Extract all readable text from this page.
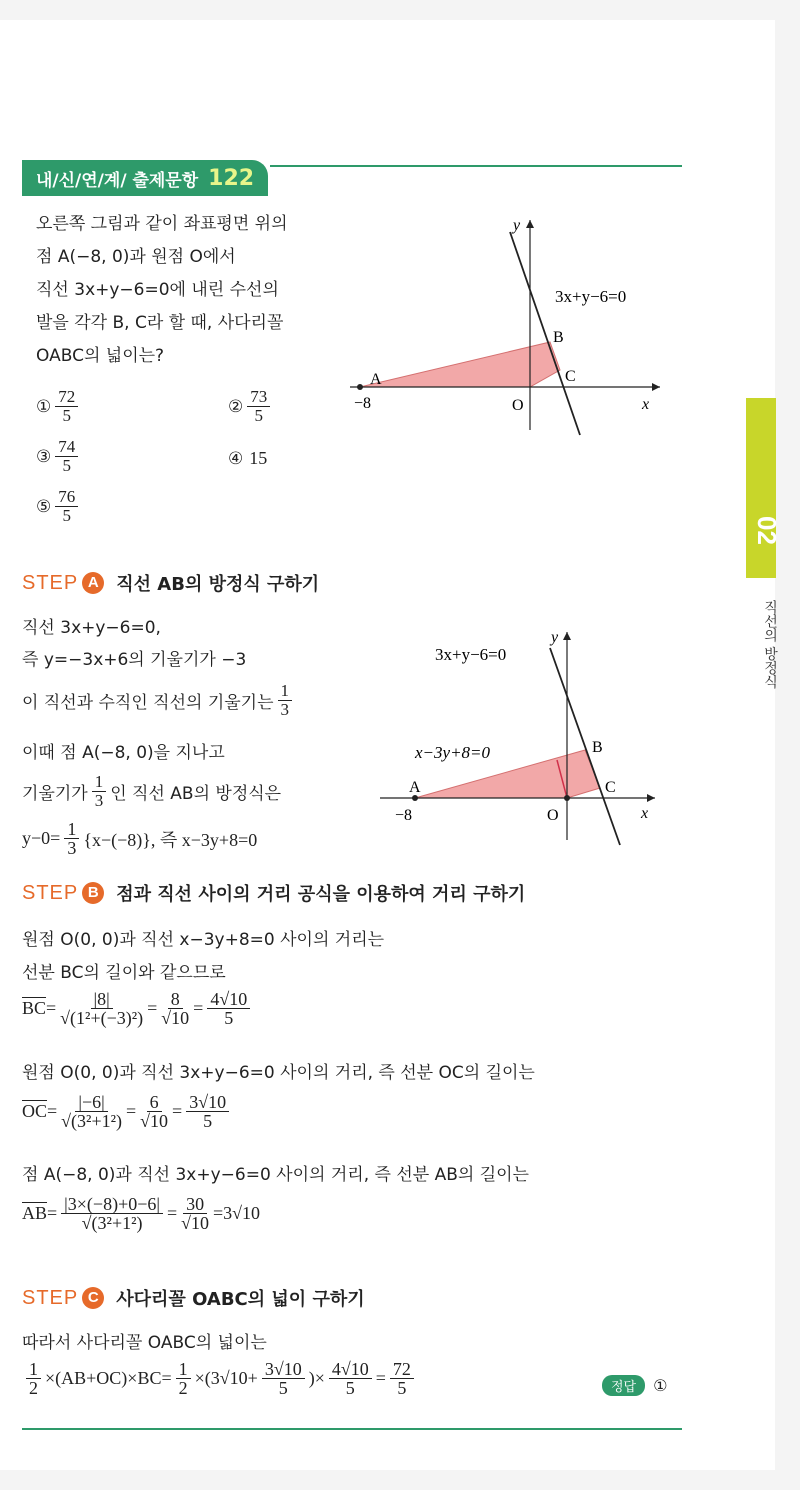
02
직선의 방정식
내/신/연/계/ 출제문항 122
오른쪽 그림과 같이 좌표평면 위의
점 A(−8, 0)과 원점 O에서
직선 3x+y−6=0에 내린 수선의
발을 각각 B, C라 할 때, 사다리꼴
OABC의 넓이는?
① $\frac{72}{5}$	② $\frac{73}{5}$
③ $\frac{74}{5}$	④ 15
⑤ $\frac{76}{5}$
3x+y−6=0
y
x
A
−8
B
C
O
STEP A 직선 AB의 방정식 구하기
직선 3x+y−6=0,
즉 y=−3x+6의 기울기가 −3
이 직선과 수직인 직선의 기울기는 $\frac{1}{3}$
이때 점 A(−8, 0)을 지나고
기울기가 $\frac{1}{3}$ 인 직선 AB의 방정식은
$y-0= \frac{1}{3} \{x-(-8)\}$, 즉 x−3y+8=0
3x+y−6=0
x−3y+8=0
y
x
A
−8
B
C
O
STEP B 점과 직선 사이의 거리 공식을 이용하여 거리 구하기
원점 O(0, 0)과 직선 x−3y+8=0 사이의 거리는
선분 BC의 길이와 같으므로
$\overline{BC} = \frac{|8|}{\text{√(1²+(−3)²)}} = \frac{8}{√10} = \frac{4√10}{5}$
원점 O(0, 0)과 직선 3x+y−6=0 사이의 거리, 즉 선분 OC의 길이는
$\overline{OC} = \frac{|-6|}{\text{√(3²+1²)}} = \frac{6}{√10} = \frac{3√10}{5}$
점 A(−8, 0)과 직선 3x+y−6=0 사이의 거리, 즉 선분 AB의 길이는
$\overline{AB} = \frac{|3\times(-8)+0-6|}{\text{√(3²+1²)}} = \frac{30}{√10} =3√10$
STEP C 사다리꼴 OABC의 넓이 구하기
따라서 사다리꼴 OABC의 넓이는
$\frac{1}{2} \times(AB+OC)\times BC= \frac{1}{2} \times(3√10+ \frac{3√10}{5}$ )× $\frac{4√10}{5} = \frac{72}{5}$	정답	①
